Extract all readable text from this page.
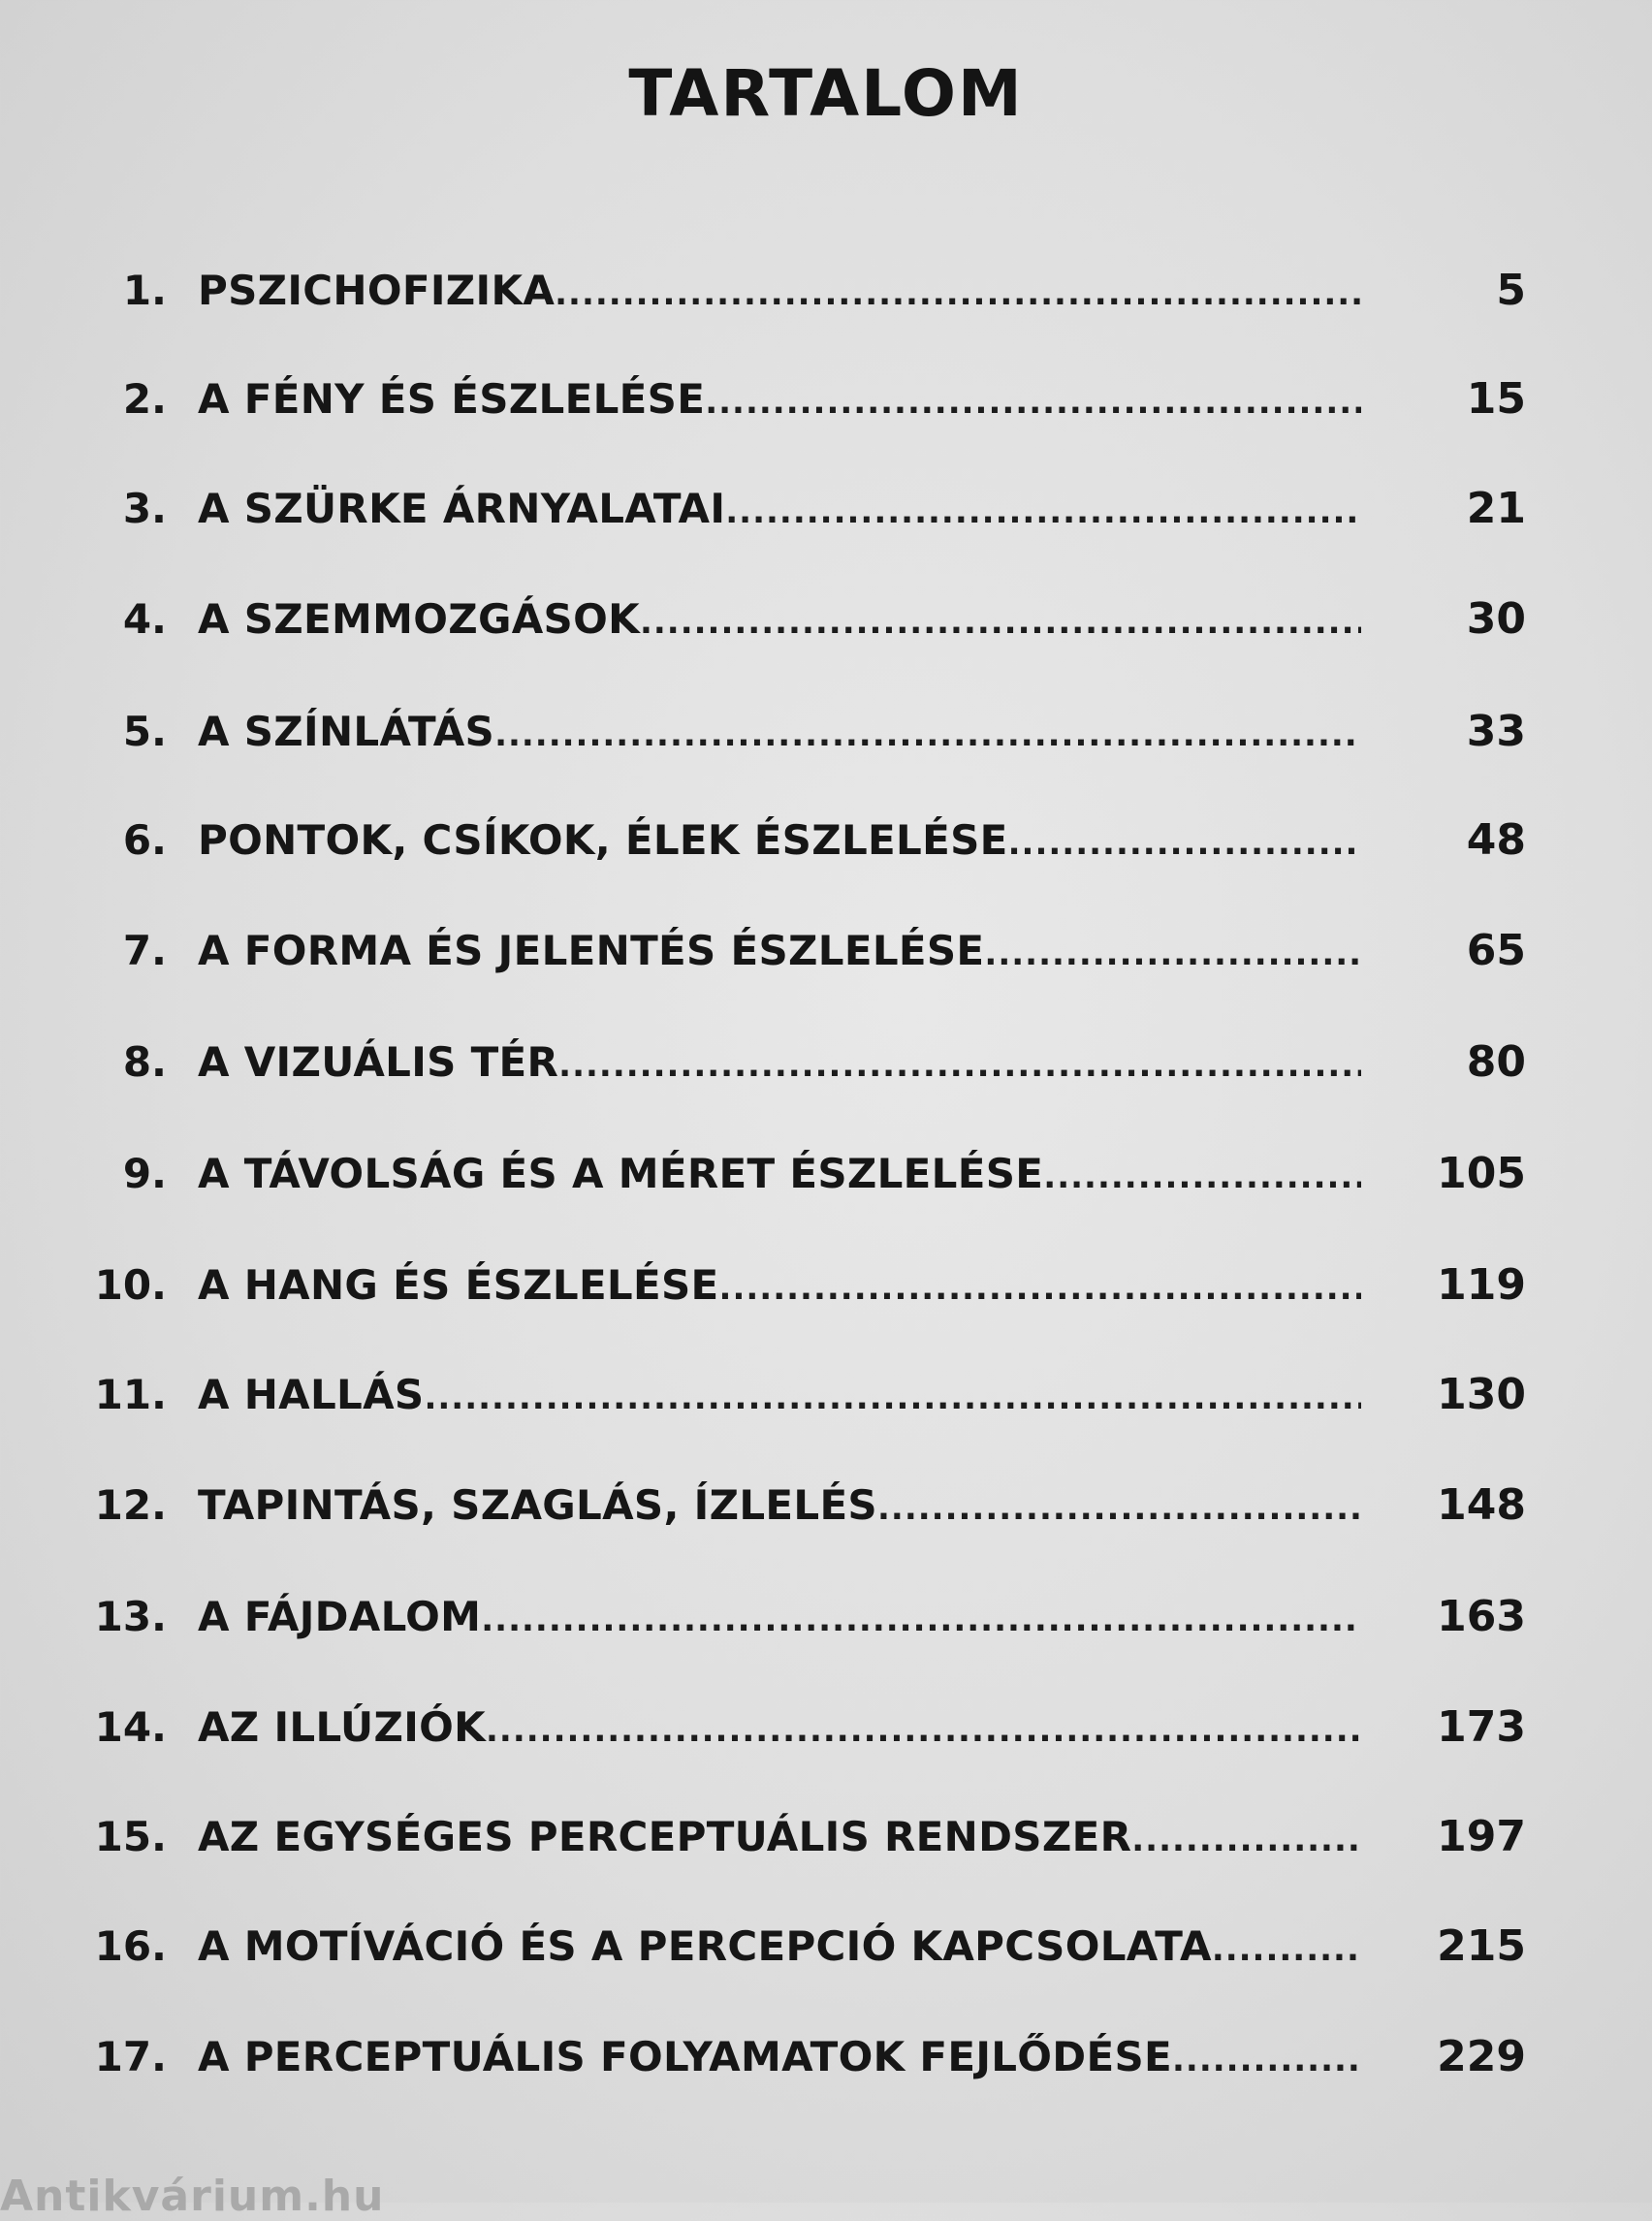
TARTALOM
1. PSZICHOFIZIKA .....	5
2. A FÉNY ÉS ÉSZLELÉSE .....	15
3. A SZÜRKE ÁRNYALATAI .....	21
4. A SZEMMOZGÁSOK .....	30
5. A SZÍNLÁTÁS .....	33
6. PONTOK, CSÍKOK, ÉLEK ÉSZLELÉSE .....	48
7. A FORMA ÉS JELENTÉS ÉSZLELÉSE .....	65
8. A VIZUÁLIS TÉR .....	80
9. A TÁVOLSÁG ÉS A MÉRET ÉSZLELÉSE .....	105
10. A HANG ÉS ÉSZLELÉSE .....	119
11. A HALLÁS .....	130
12. TAPINTÁS, SZAGLÁS, ÍZLELÉS .....	148
13. A FÁJDALOM .....	163
14. AZ ILLÚZIÓK .....	173
15. AZ EGYSÉGES PERCEPTUÁLIS RENDSZER .....	197
16. A MOTÍVÁCIÓ ÉS A PERCEPCIÓ KAPCSOLATA .....	215
17. A PERCEPTUÁLIS FOLYAMATOK FEJLŐDÉSE .....	229
Antikvárium.hu
